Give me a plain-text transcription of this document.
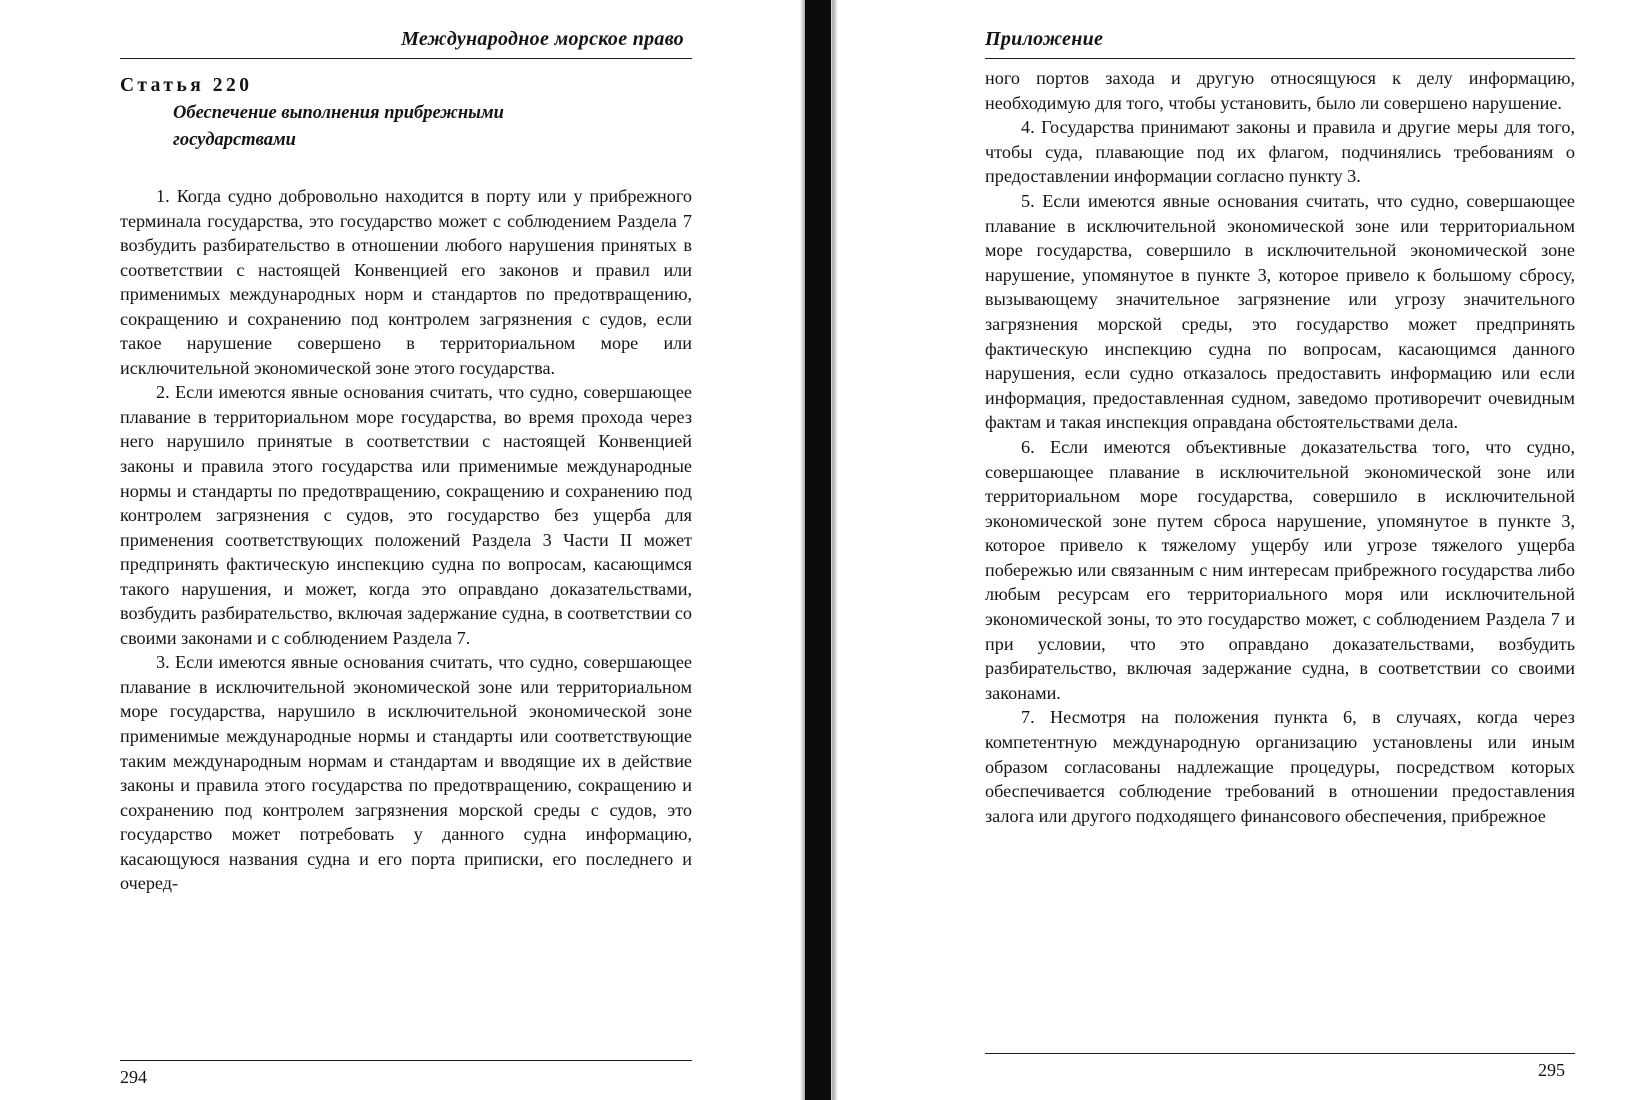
Международное морское право

Статья 220

Обеспечение выполнения прибрежными государствами

1. Когда судно добровольно находится в порту или у прибрежного терминала государства, это государство может с соблюдением Раздела 7 возбудить разбирательство в отношении любого нарушения принятых в соответствии с настоящей Конвенцией его законов и правил или применимых международных норм и стандартов по предотвращению, сокращению и сохранению под контролем загрязнения с судов, если такое нарушение совершено в территориальном море или исключительной экономической зоне этого государства.

2. Если имеются явные основания считать, что судно, совершающее плавание в территориальном море государства, во время прохода через него нарушило принятые в соответствии с настоящей Конвенцией законы и правила этого государства или применимые международные нормы и стандарты по предотвращению, сокращению и сохранению под контролем загрязнения с судов, это государство без ущерба для применения соответствующих положений Раздела 3 Части II может предпринять фактическую инспекцию судна по вопросам, касающимся такого нарушения, и может, когда это оправдано доказательствами, возбудить разбирательство, включая задержание судна, в соответствии со своими законами и с соблюдением Раздела 7.

3. Если имеются явные основания считать, что судно, совершающее плавание в исключительной экономической зоне или территориальном море государства, нарушило в исключительной экономической зоне применимые международные нормы и стандарты или соответствующие таким международным нормам и стандартам и вводящие их в действие законы и правила этого государства по предотвращению, сокращению и сохранению под контролем загрязнения морской среды с судов, это государство может потребовать у данного судна информацию, касающуюся названия судна и его порта приписки, его последнего и очеред-

294
Приложение

ного портов захода и другую относящуюся к делу информацию, необходимую для того, чтобы установить, было ли совершено нарушение.

4. Государства принимают законы и правила и другие меры для того, чтобы суда, плавающие под их флагом, подчинялись требованиям о предоставлении информации согласно пункту 3.

5. Если имеются явные основания считать, что судно, совершающее плавание в исключительной экономической зоне или территориальном море государства, совершило в исключительной экономической зоне нарушение, упомянутое в пункте 3, которое привело к большому сбросу, вызывающему значительное загрязнение или угрозу значительного загрязнения морской среды, это государство может предпринять фактическую инспекцию судна по вопросам, касающимся данного нарушения, если судно отказалось предоставить информацию или если информация, предоставленная судном, заведомо противоречит очевидным фактам и такая инспекция оправдана обстоятельствами дела.

6. Если имеются объективные доказательства того, что судно, совершающее плавание в исключительной экономической зоне или территориальном море государства, совершило в исключительной экономической зоне путем сброса нарушение, упомянутое в пункте 3, которое привело к тяжелому ущербу или угрозе тяжелого ущерба побережью или связанным с ним интересам прибрежного государства либо любым ресурсам его территориального моря или исключительной экономической зоны, то это государство может, с соблюдением Раздела 7 и при условии, что это оправдано доказательствами, возбудить разбирательство, включая задержание судна, в соответствии со своими законами.

7. Несмотря на положения пункта 6, в случаях, когда через компетентную международную организацию установлены или иным образом согласованы надлежащие процедуры, посредством которых обеспечивается соблюдение требований в отношении предоставления залога или другого подходящего финансового обеспечения, прибрежное

295
